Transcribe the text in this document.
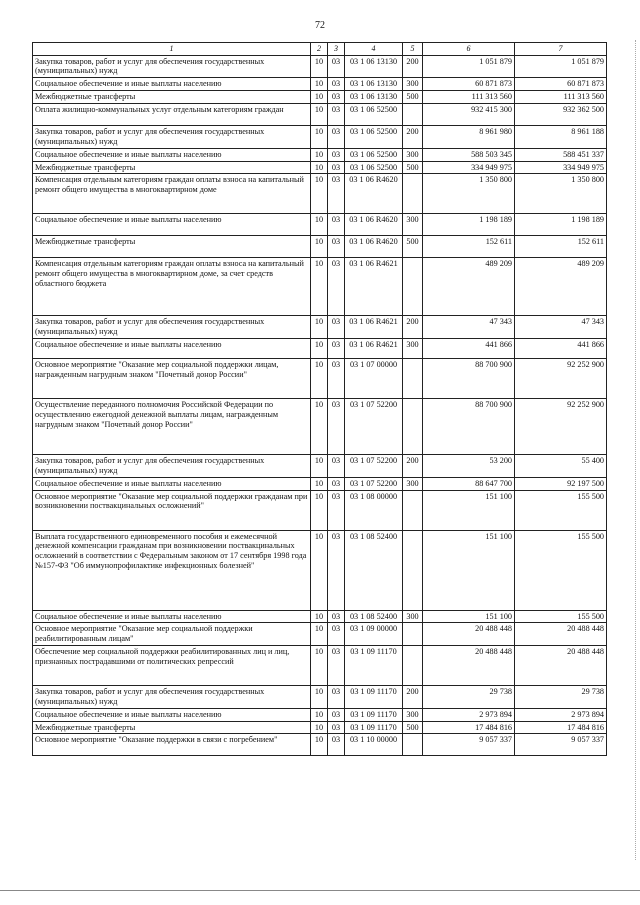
72
1	2	3	4	5	6	7
Закупка товаров, работ и услуг для обеспечения государственных (муниципальных) нужд	10	03	03 1 06 13130	200	1 051 879	1 051 879
Социальное обеспечение и иные выплаты населению	10	03	03 1 06 13130	300	60 871 873	60 871 873
Межбюджетные трансферты	10	03	03 1 06 13130	500	111 313 560	111 313 560
Оплата жилищно-коммунальных услуг отдельным категориям граждан	10	03	03 1 06 52500		932 415 300	932 362 500
Закупка товаров, работ и услуг для обеспечения государственных (муниципальных) нужд	10	03	03 1 06 52500	200	8 961 980	8 961 188
Социальное обеспечение и иные выплаты населению	10	03	03 1 06 52500	300	588 503 345	588 451 337
Межбюджетные трансферты	10	03	03 1 06 52500	500	334 949 975	334 949 975
Компенсация отдельным категориям граждан оплаты взноса на капитальный ремонт общего имущества в многоквартирном доме	10	03	03 1 06 R4620		1 350 800	1 350 800
Социальное обеспечение и иные выплаты населению	10	03	03 1 06 R4620	300	1 198 189	1 198 189
Межбюджетные трансферты	10	03	03 1 06 R4620	500	152 611	152 611
Компенсация отдельным категориям граждан оплаты взноса на капитальный ремонт общего имущества в многоквартирном доме, за счет средств областного бюджета	10	03	03 1 06 R4621		489 209	489 209
Закупка товаров, работ и услуг для обеспечения государственных (муниципальных) нужд	10	03	03 1 06 R4621	200	47 343	47 343
Социальное обеспечение и иные выплаты населению	10	03	03 1 06 R4621	300	441 866	441 866
Основное мероприятие "Оказание мер социальной поддержки лицам, награжденным нагрудным знаком "Почетный донор России"	10	03	03 1 07 00000		88 700 900	92 252 900
Осуществление переданного полномочия Российской Федерации по осуществлению ежегодной денежной выплаты лицам, награжденным нагрудным знаком "Почетный донор России"	10	03	03 1 07 52200		88 700 900	92 252 900
Закупка товаров, работ и услуг для обеспечения государственных (муниципальных) нужд	10	03	03 1 07 52200	200	53 200	55 400
Социальное обеспечение и иные выплаты населению	10	03	03 1 07 52200	300	88 647 700	92 197 500
Основное мероприятие "Оказание мер социальной поддержки гражданам при возникновении поствакцинальных осложнений"	10	03	03 1 08 00000		151 100	155 500
Выплата государственного единовременного пособия и ежемесячной денежной компенсации гражданам при возникновении поствакцинальных осложнений в соответствии с Федеральным законом от 17 сентября 1998 года №157-ФЗ "Об иммунопрофилактике инфекционных болезней"	10	03	03 1 08 52400		151 100	155 500
Социальное обеспечение и иные выплаты населению	10	03	03 1 08 52400	300	151 100	155 500
Основное мероприятие "Оказание мер социальной поддержки реабилитированным лицам"	10	03	03 1 09 00000		20 488 448	20 488 448
Обеспечение мер социальной поддержки реабилитированных лиц и лиц, признанных пострадавшими от политических репрессий	10	03	03 1 09 11170		20 488 448	20 488 448
Закупка товаров, работ и услуг для обеспечения государственных (муниципальных) нужд	10	03	03 1 09 11170	200	29 738	29 738
Социальное обеспечение и иные выплаты населению	10	03	03 1 09 11170	300	2 973 894	2 973 894
Межбюджетные трансферты	10	03	03 1 09 11170	500	17 484 816	17 484 816
Основное мероприятие "Оказание поддержки в связи с погребением"	10	03	03 1 10 00000		9 057 337	9 057 337
